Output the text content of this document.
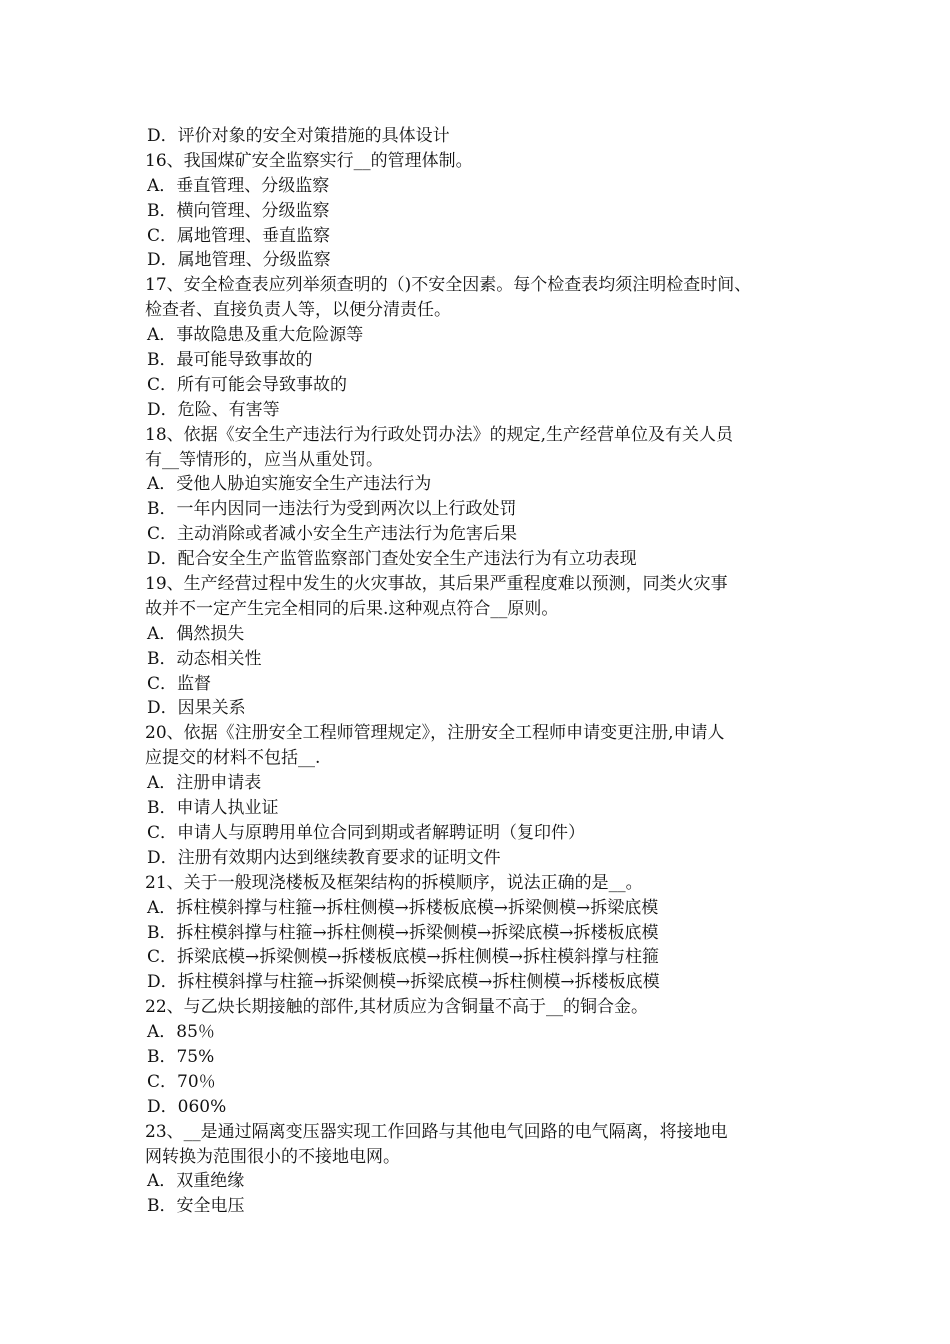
D．评价对象的安全对策措施的具体设计
16、我国煤矿安全监察实行__的管理体制。
A．垂直管理、分级监察
B．横向管理、分级监察
C．属地管理、垂直监察
D．属地管理、分级监察
17、安全检查表应列举须查明的（)不安全因素。每个检查表均须注明检查时间、
检查者、直接负责人等，以便分清责任。
A．事故隐患及重大危险源等
B．最可能导致事故的
C．所有可能会导致事故的
D．危险、有害等
18、依据《安全生产违法行为行政处罚办法》的规定,生产经营单位及有关人员
有__等情形的，应当从重处罚。
A．受他人胁迫实施安全生产违法行为
B．一年内因同一违法行为受到两次以上行政处罚
C．主动消除或者减小安全生产违法行为危害后果
D．配合安全生产监管监察部门查处安全生产违法行为有立功表现
19、生产经营过程中发生的火灾事故，其后果严重程度难以预测，同类火灾事
故并不一定产生完全相同的后果.这种观点符合__原则。
A．偶然损失
B．动态相关性
C．监督
D．因果关系
20、依据《注册安全工程师管理规定》，注册安全工程师申请变更注册,申请人
应提交的材料不包括__.
A．注册申请表
B．申请人执业证
C．申请人与原聘用单位合同到期或者解聘证明（复印件）
D．注册有效期内达到继续教育要求的证明文件
21、关于一般现浇楼板及框架结构的拆模顺序，说法正确的是__。
A．拆柱模斜撑与柱箍→拆柱侧模→拆楼板底模→拆梁侧模→拆梁底模
B．拆柱模斜撑与柱箍→拆柱侧模→拆梁侧模→拆梁底模→拆楼板底模
C．拆梁底模→拆梁侧模→拆楼板底模→拆柱侧模→拆柱模斜撑与柱箍
D．拆柱模斜撑与柱箍→拆梁侧模→拆梁底模→拆柱侧模→拆楼板底模
22、与乙炔长期接触的部件,其材质应为含铜量不高于__的铜合金。
A．85％
B．75%
C．70％
D．060%
23、__是通过隔离变压器实现工作回路与其他电气回路的电气隔离，将接地电
网转换为范围很小的不接地电网。
A．双重绝缘
B．安全电压
